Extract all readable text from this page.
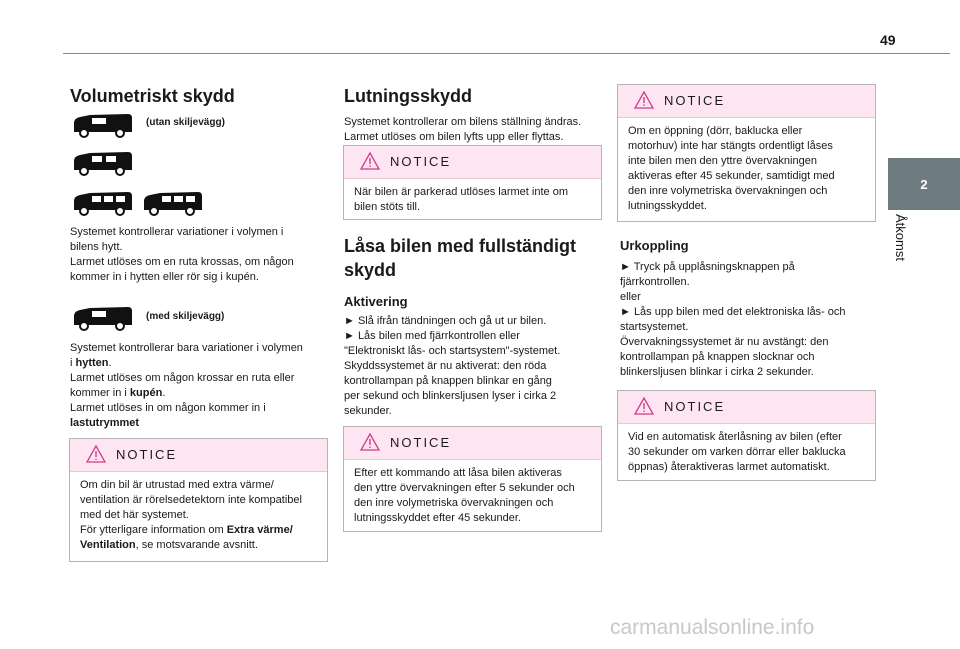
49
2
Åtkomst
Volumetriskt skydd
(utan skiljevägg)

Systemet kontrollerar variationer i volymen i

bilens hytt.

Larmet utlöses om en ruta krossas, om någon

kommer in i hytten eller rör sig i kupén.

(med skiljevägg)

Systemet kontrollerar bara variationer i volymen

i hytten.

Larmet utlöses om någon krossar en ruta eller

kommer in i kupén.

Larmet utlöses in om någon kommer in i

lastutrymmet

NOTICE
Om din bil är utrustad med extra värme/
ventilation är rörelsedetektorn inte kompatibel
med det här systemet.
För ytterligare information om Extra värme/
Ventilation, se motsvarande avsnitt.
Lutningsskydd

Systemet kontrollerar om bilens ställning ändras.

Larmet utlöses om bilen lyfts upp eller flyttas.

NOTICE
När bilen är parkerad utlöses larmet inte om
bilen stöts till.
Låsa bilen med fullständigt
skydd
Aktivering

► Slå ifrån tändningen och gå ut ur bilen.

► Lås bilen med fjärrkontrollen eller

"Elektroniskt lås- och startsystem"-systemet.

Skyddssystemet är nu aktiverat: den röda

kontrollampan på knappen blinkar en gång

per sekund och blinkersljusen lyser i cirka 2

sekunder.

NOTICE
Efter ett kommando att låsa bilen aktiveras
den yttre övervakningen efter 5 sekunder och
den inre volymetriska övervakningen och
lutningsskyddet efter 45 sekunder.
NOTICE
Om en öppning (dörr, baklucka eller
motorhuv) inte har stängts ordentligt låses
inte bilen men den yttre övervakningen
aktiveras efter 45 sekunder, samtidigt med
den inre volymetriska övervakningen och
lutningsskyddet.
Urkoppling

► Tryck på upplåsningsknappen på

fjärrkontrollen.

eller

► Lås upp bilen med det elektroniska lås- och

startsystemet.

Övervakningssystemet är nu avstängt: den

kontrollampan på knappen slocknar och

blinkersljusen blinkar i cirka 2 sekunder.

NOTICE
Vid en automatisk återlåsning av bilen (efter
30 sekunder om varken dörrar eller baklucka
öppnas) återaktiveras larmet automatiskt.
carmanualsonline.info
